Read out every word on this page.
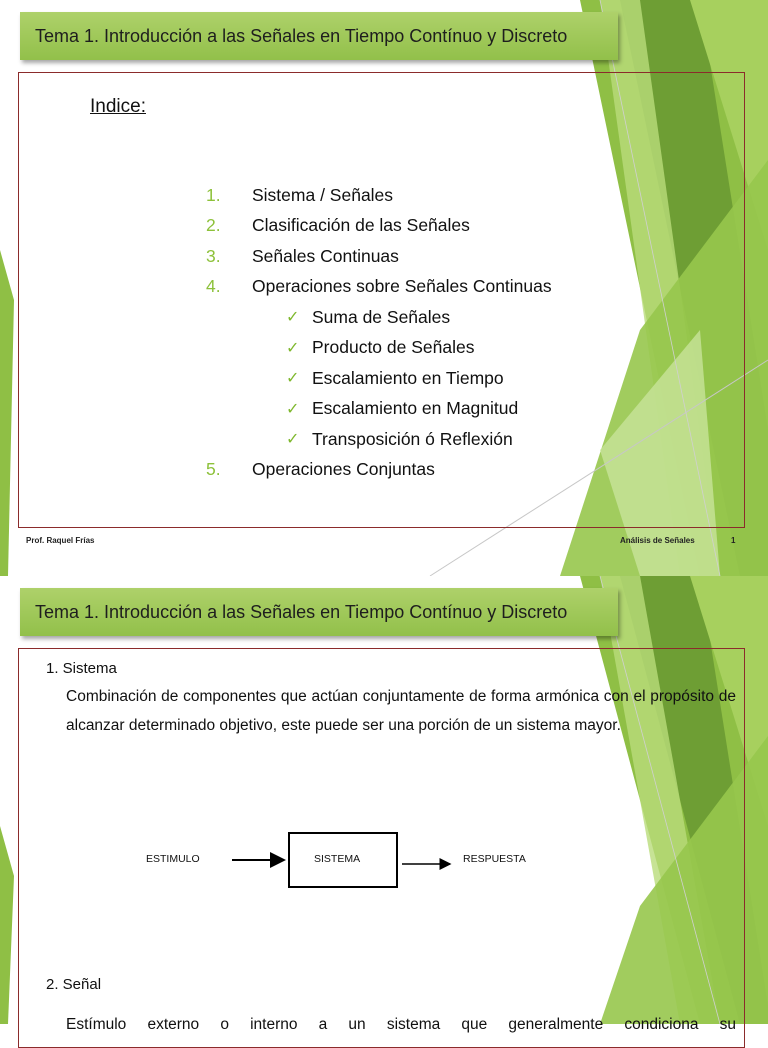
Tema 1. Introducción a las Señales en Tiempo Contínuo y Discreto
Indice:
1.	Sistema / Señales
2.	Clasificación de las Señales
3.	Señales Continuas
4.	Operaciones sobre Señales Continuas
✓ Suma de Señales
✓ Producto de Señales
✓ Escalamiento en Tiempo
✓ Escalamiento en Magnitud
✓ Transposición ó Reflexión
5.	Operaciones Conjuntas
Prof. Raquel Frías	Análisis de Señales	1
Tema 1. Introducción a las Señales en Tiempo Contínuo y Discreto
1. Sistema
Combinación de componentes que actúan conjuntamente de forma armónica con el propósito de alcanzar determinado objetivo, este puede ser una porción de un sistema mayor.
ESTIMULO	SISTEMA	RESPUESTA
2. Señal
Estímulo externo o interno a un sistema que generalmente condiciona su
